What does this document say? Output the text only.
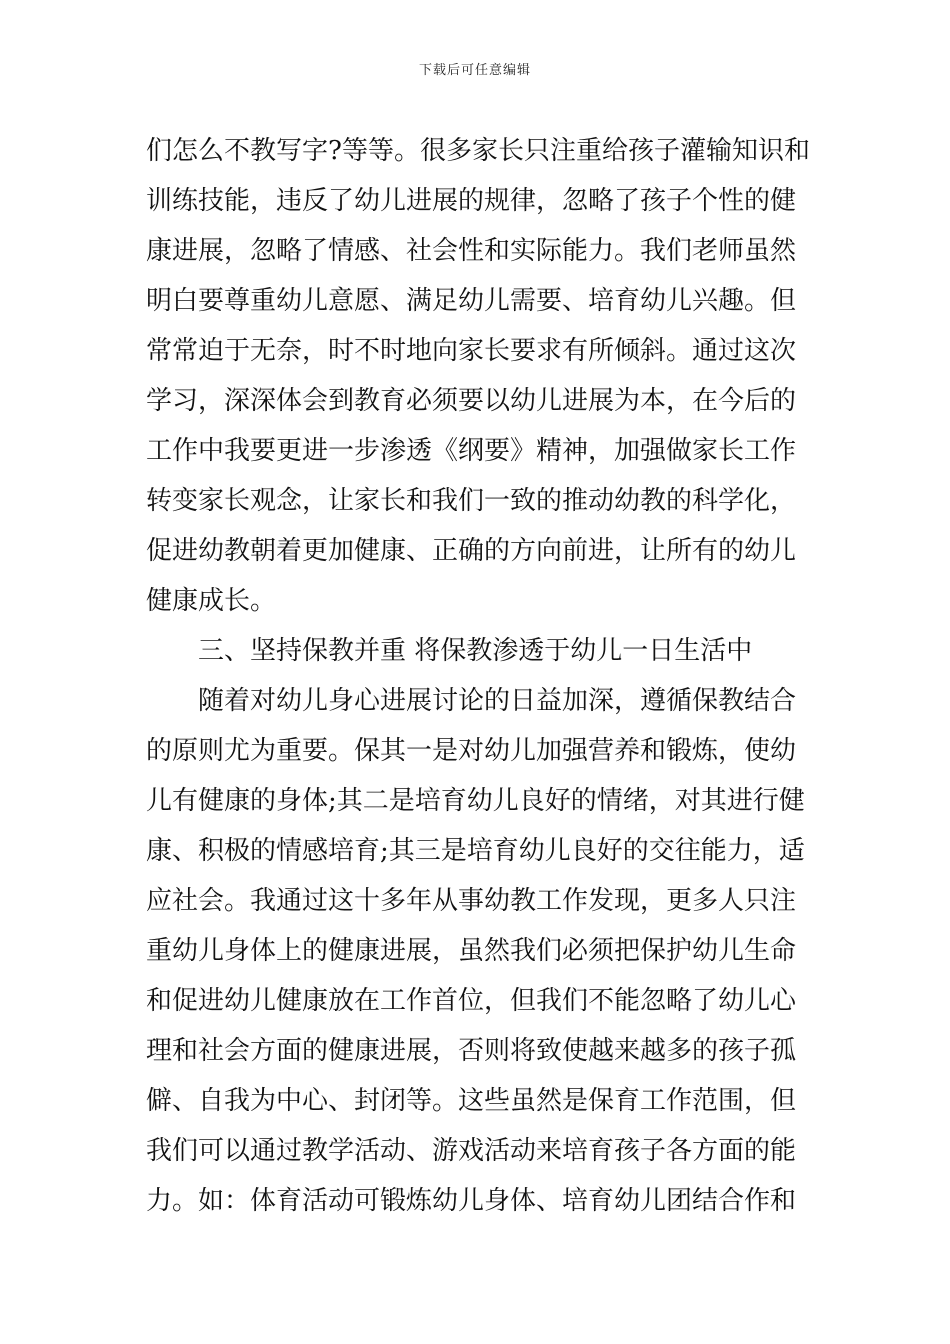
下载后可任意编辑
们怎么不教写字?等等。很多家长只注重给孩子灌输知识和
训练技能，违反了幼儿进展的规律，忽略了孩子个性的健
康进展，忽略了情感、社会性和实际能力。我们老师虽然
明白要尊重幼儿意愿、满足幼儿需要、培育幼儿兴趣。但
常常迫于无奈，时不时地向家长要求有所倾斜。通过这次
学习，深深体会到教育必须要以幼儿进展为本，在今后的
工作中我要更进一步渗透《纲要》精神，加强做家长工作
转变家长观念，让家长和我们一致的推动幼教的科学化，
促进幼教朝着更加健康、正确的方向前进，让所有的幼儿
健康成长。
三、坚持保教并重 将保教渗透于幼儿一日生活中
随着对幼儿身心进展讨论的日益加深，遵循保教结合
的原则尤为重要。保其一是对幼儿加强营养和锻炼，使幼
儿有健康的身体;其二是培育幼儿良好的情绪，对其进行健
康、积极的情感培育;其三是培育幼儿良好的交往能力，适
应社会。我通过这十多年从事幼教工作发现，更多人只注
重幼儿身体上的健康进展，虽然我们必须把保护幼儿生命
和促进幼儿健康放在工作首位，但我们不能忽略了幼儿心
理和社会方面的健康进展，否则将致使越来越多的孩子孤
僻、自我为中心、封闭等。这些虽然是保育工作范围，但
我们可以通过教学活动、游戏活动来培育孩子各方面的能
力。如：体育活动可锻炼幼儿身体、培育幼儿团结合作和
